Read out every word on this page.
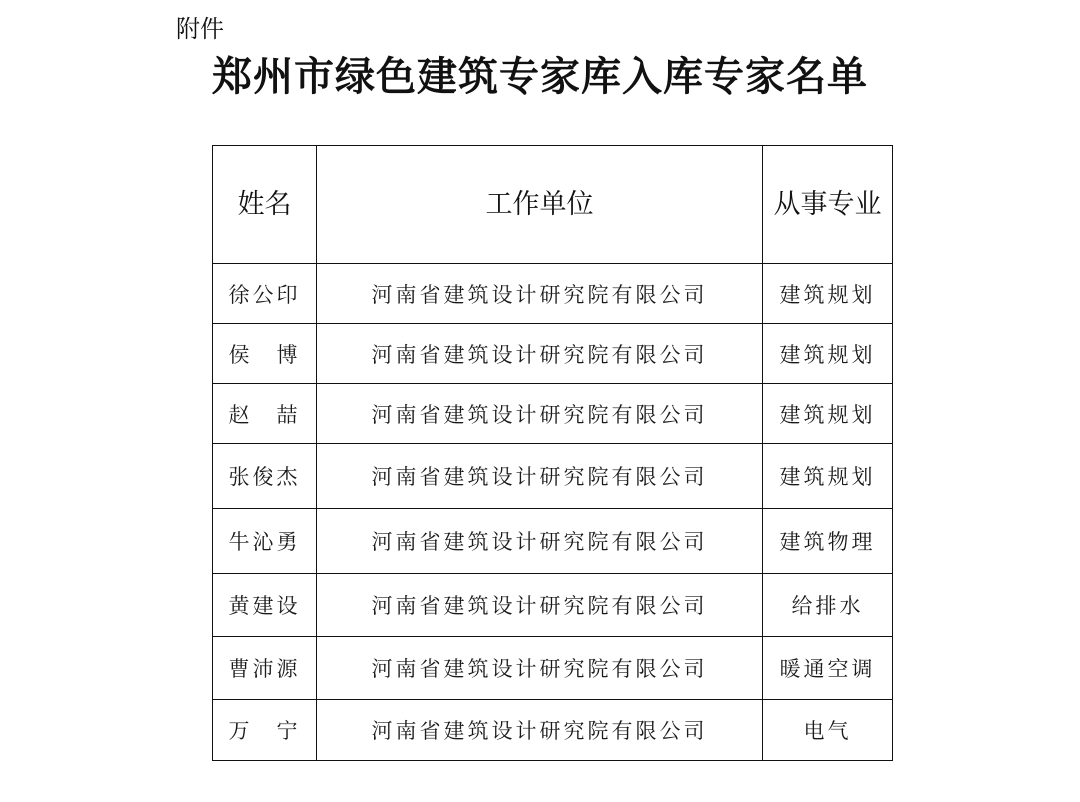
附件
郑州市绿色建筑专家库入库专家名单
姓名	工作单位	从事专业
徐公印	河南省建筑设计研究院有限公司	建筑规划
侯　博	河南省建筑设计研究院有限公司	建筑规划
赵　喆	河南省建筑设计研究院有限公司	建筑规划
张俊杰	河南省建筑设计研究院有限公司	建筑规划
牛沁勇	河南省建筑设计研究院有限公司	建筑物理
黄建设	河南省建筑设计研究院有限公司	给排水
曹沛源	河南省建筑设计研究院有限公司	暖通空调
万　宁	河南省建筑设计研究院有限公司	电气
